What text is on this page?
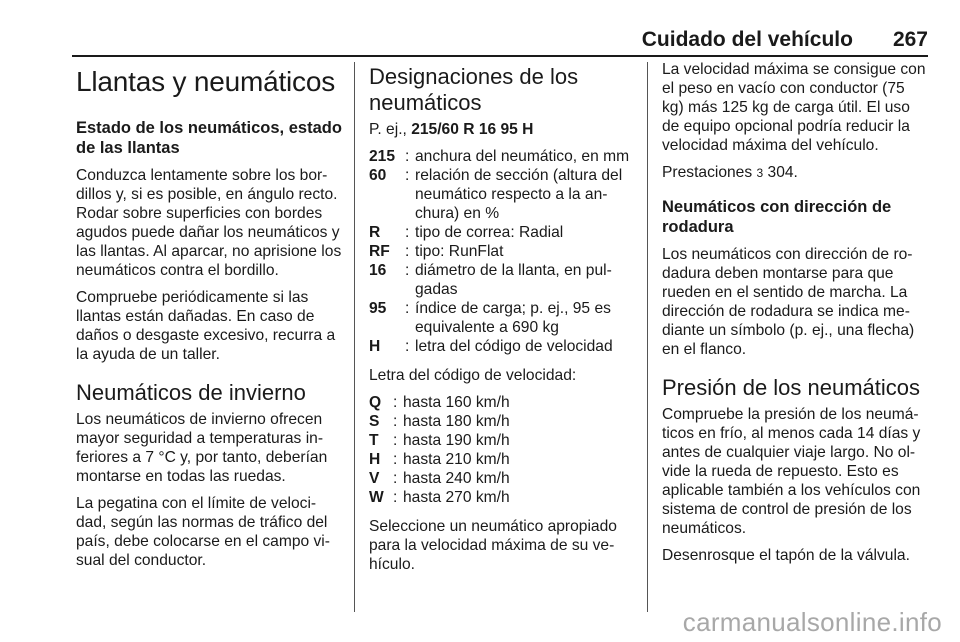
Cuidado del vehículo 267
Llantas y neumáticos
Estado de los neumáticos, estado de las llantas

Conduzca lentamente sobre los bor-dillos y, si es posible, en ángulo recto. Rodar sobre superficies con bordes agudos puede dañar los neumáticos y las llantas. Al aparcar, no aprisione los neumáticos contra el bordillo.

Compruebe periódicamente si las llantas están dañadas. En caso de daños o desgaste excesivo, recurra a la ayuda de un taller.

Neumáticos de invierno

Los neumáticos de invierno ofrecen mayor seguridad a temperaturas in-feriores a 7 °C y, por tanto, deberían montarse en todas las ruedas.

La pegatina con el límite de veloci-dad, según las normas de tráfico del país, debe colocarse en el campo vi-sual del conductor.

Designaciones de los neumáticos
P. ej., 215/60 R 16 95 H
215 : anchura del neumático, en mm
60	: relación de sección (altura del neumático respecto a la an-chura) en %
R	: tipo de correa: Radial
RF : tipo: RunFlat
16	: diámetro de la llanta, en pul-gadas
95	: índice de carga; p. ej., 95 es equivalente a 690 kg
H	: letra del código de velocidad

Letra del código de velocidad:

Q : hasta 160 km/h
S : hasta 180 km/h
T : hasta 190 km/h
H : hasta 210 km/h
V : hasta 240 km/h
W : hasta 270 km/h

Seleccione un neumático apropiado para la velocidad máxima de su ve-hículo.

La velocidad máxima se consigue con el peso en vacío con conductor (75 kg) más 125 kg de carga útil. El uso de equipo opcional podría reducir la velocidad máxima del vehículo.

Prestaciones 3 304.

Neumáticos con dirección de rodadura

Los neumáticos con dirección de ro-dadura deben montarse para que rueden en el sentido de marcha. La dirección de rodadura se indica me-diante un símbolo (p. ej., una flecha) en el flanco.

Presión de los neumáticos

Compruebe la presión de los neumá-ticos en frío, al menos cada 14 días y antes de cualquier viaje largo. No ol-vide la rueda de repuesto. Esto es aplicable también a los vehículos con sistema de control de presión de los neumáticos.

Desenrosque el tapón de la válvula.

carmanualsonline.info
